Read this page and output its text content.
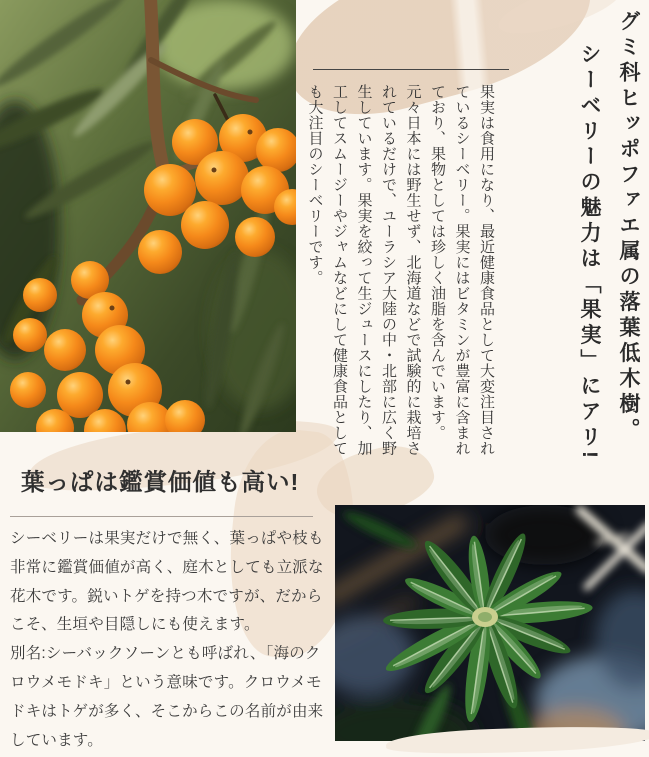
グミ科ヒッポファエ属の落葉低木樹。
シーベリーの魅力は「果実」にアリ!
果実は食用になり、最近健康食品として大変注目されているシーベリー。果実にはビタミンが豊富に含まれており、果物としては珍しく油脂を含んでいます。元々日本には野生せず、北海道などで試験的に栽培されているだけで、ユーラシア大陸の中・北部に広く野生しています。果実を絞って生ジュースにしたり、加工してスムージーやジャムなどにして健康食品としても大注目のシーベリーです。
葉っぱは鑑賞価値も高い!

シーベリーは果実だけで無く、葉っぱや枝も非常に鑑賞価値が高く、庭木としても立派な花木です。鋭いトゲを持つ木ですが、だからこそ、生垣や目隠しにも使えます。

別名:シーバックソーンとも呼ばれ、「海のクロウメモドキ」という意味です。クロウメモドキはトゲが多く、そこからこの名前が由来しています。
